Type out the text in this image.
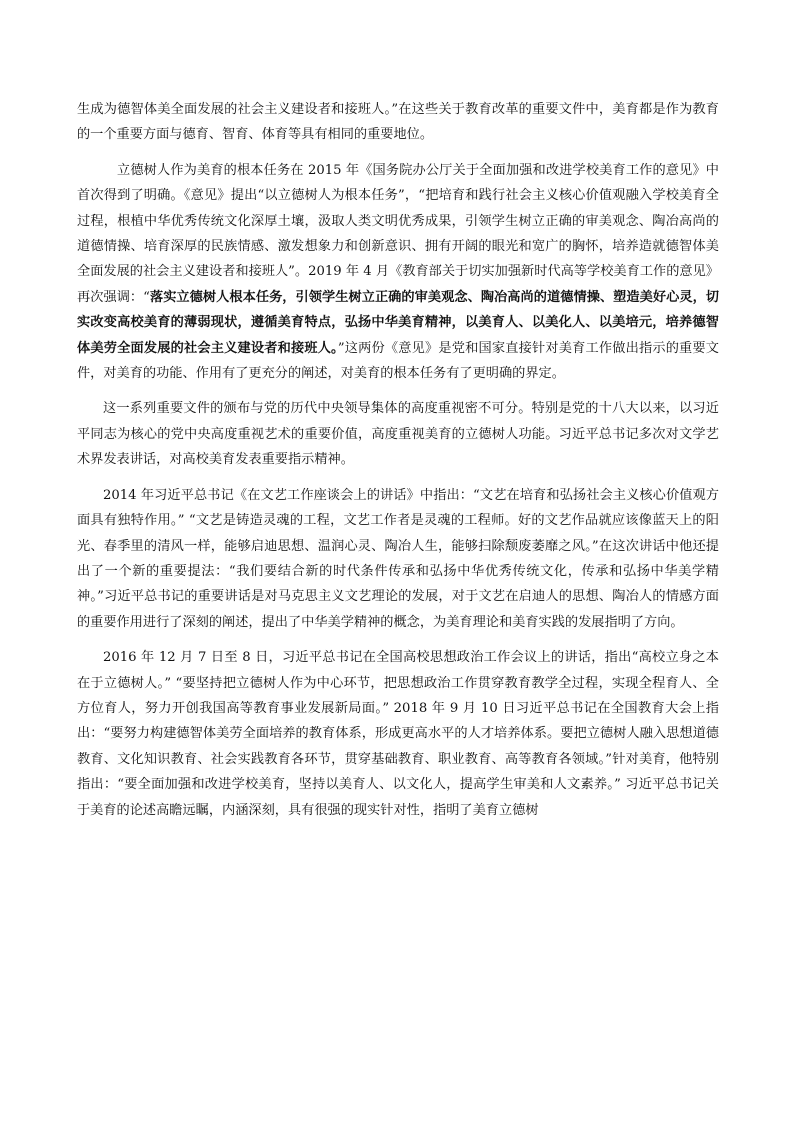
生成为德智体美全面发展的社会主义建设者和接班人。”在这些关于教育改革的重要文件中，美育都是作为教育的一个重要方面与德育、智育、体育等具有相同的重要地位。

立德树人作为美育的根本任务在 2015 年《国务院办公厅关于全面加强和改进学校美育工作的意见》中首次得到了明确。《意见》提出“以立德树人为根本任务”，“把培育和践行社会主义核心价值观融入学校美育全过程，根植中华优秀传统文化深厚土壤，汲取人类文明优秀成果，引领学生树立正确的审美观念、陶冶高尚的道德情操、培育深厚的民族情感、激发想象力和创新意识、拥有开阔的眼光和宽广的胸怀，培养造就德智体美全面发展的社会主义建设者和接班人”。2019 年 4 月《教育部关于切实加强新时代高等学校美育工作的意见》再次强调：“落实立德树人根本任务，引领学生树立正确的审美观念、陶冶高尚的道德情操、塑造美好心灵，切实改变高校美育的薄弱现状，遵循美育特点，弘扬中华美育精神，以美育人、以美化人、以美培元，培养德智体美劳全面发展的社会主义建设者和接班人。”这两份《意见》是党和国家直接针对美育工作做出指示的重要文件，对美育的功能、作用有了更充分的阐述，对美育的根本任务有了更明确的界定。

这一系列重要文件的颁布与党的历代中央领导集体的高度重视密不可分。特别是党的十八大以来，以习近平同志为核心的党中央高度重视艺术的重要价值，高度重视美育的立德树人功能。习近平总书记多次对文学艺术界发表讲话，对高校美育发表重要指示精神。

2014 年习近平总书记《在文艺工作座谈会上的讲话》中指出：“文艺在培育和弘扬社会主义核心价值观方面具有独特作用。” “文艺是铸造灵魂的工程，文艺工作者是灵魂的工程师。好的文艺作品就应该像蓝天上的阳光、春季里的清风一样，能够启迪思想、温润心灵、陶冶人生，能够扫除颓废萎靡之风。”在这次讲话中他还提出了一个新的重要提法：“我们要结合新的时代条件传承和弘扬中华优秀传统文化，传承和弘扬中华美学精神。”习近平总书记的重要讲话是对马克思主义文艺理论的发展，对于文艺在启迪人的思想、陶冶人的情感方面的重要作用进行了深刻的阐述，提出了中华美学精神的概念，为美育理论和美育实践的发展指明了方向。

2016 年 12 月 7 日至 8 日，习近平总书记在全国高校思想政治工作会议上的讲话，指出“高校立身之本在于立德树人。” “要坚持把立德树人作为中心环节，把思想政治工作贯穿教育教学全过程，实现全程育人、全方位育人，努力开创我国高等教育事业发展新局面。” 2018 年 9 月 10 日习近平总书记在全国教育大会上指出：“要努力构建德智体美劳全面培养的教育体系，形成更高水平的人才培养体系。要把立德树人融入思想道德教育、文化知识教育、社会实践教育各环节，贯穿基础教育、职业教育、高等教育各领域。”针对美育，他特别指出：“要全面加强和改进学校美育，坚持以美育人、以文化人，提高学生审美和人文素养。” 习近平总书记关于美育的论述高瞻远瞩，内涵深刻，具有很强的现实针对性，指明了美育立德树
